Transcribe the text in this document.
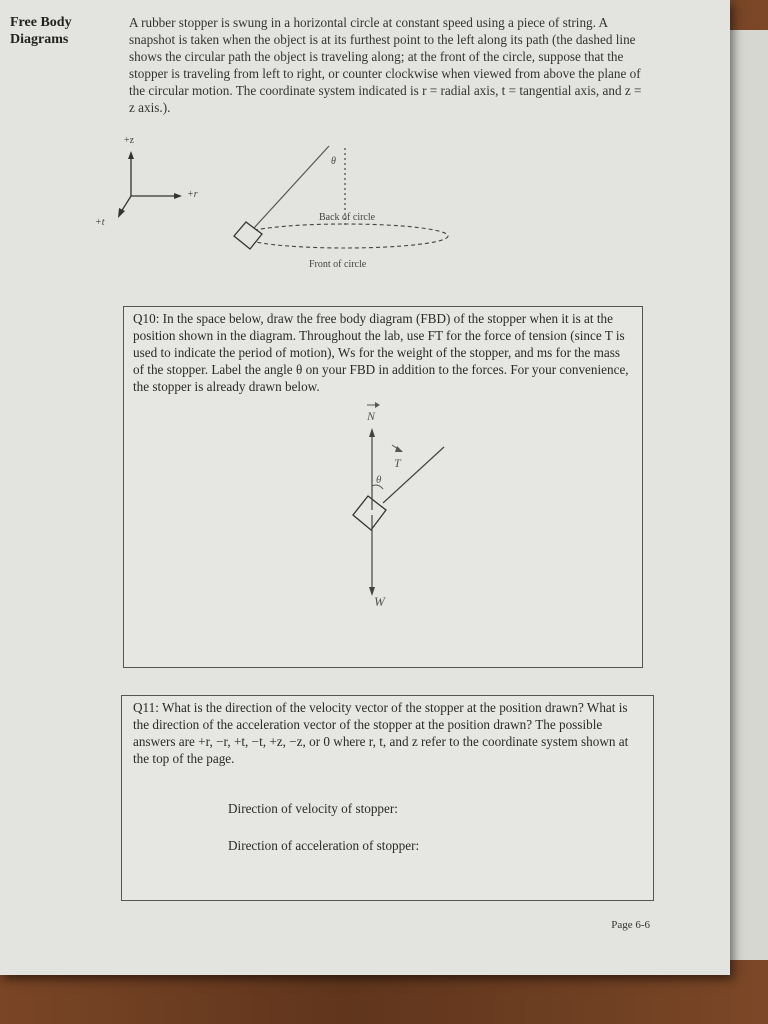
Free Body
Diagrams
A rubber stopper is swung in a horizontal circle at constant speed using a piece of string. A snapshot is taken when the object is at its furthest point to the left along its path (the dashed line shows the circular path the object is traveling along; at the front of the circle, suppose that the stopper is traveling from left to right, or counter clockwise when viewed from above the plane of the circular motion. The coordinate system indicated is r = radial axis, t = tangential axis, and z = z axis.).
+z
+r
+t
θ
Back of circle
Front of circle
Q10: In the space below, draw the free body diagram (FBD) of the stopper when it is at the position shown in the diagram. Throughout the lab, use FT for the force of tension (since T is used to indicate the period of motion), Ws for the weight of the stopper, and ms for the mass of the stopper. Label the angle θ on your FBD in addition to the forces. For your convenience, the stopper is already drawn below.
N
T
θ
W
Q11: What is the direction of the velocity vector of the stopper at the position drawn? What is the direction of the acceleration vector of the stopper at the position drawn? The possible answers are +r, −r, +t, −t, +z, −z, or 0 where r, t, and z refer to the coordinate system shown at the top of the page.
Direction of velocity of stopper:
Direction of acceleration of stopper:
Page 6-6
